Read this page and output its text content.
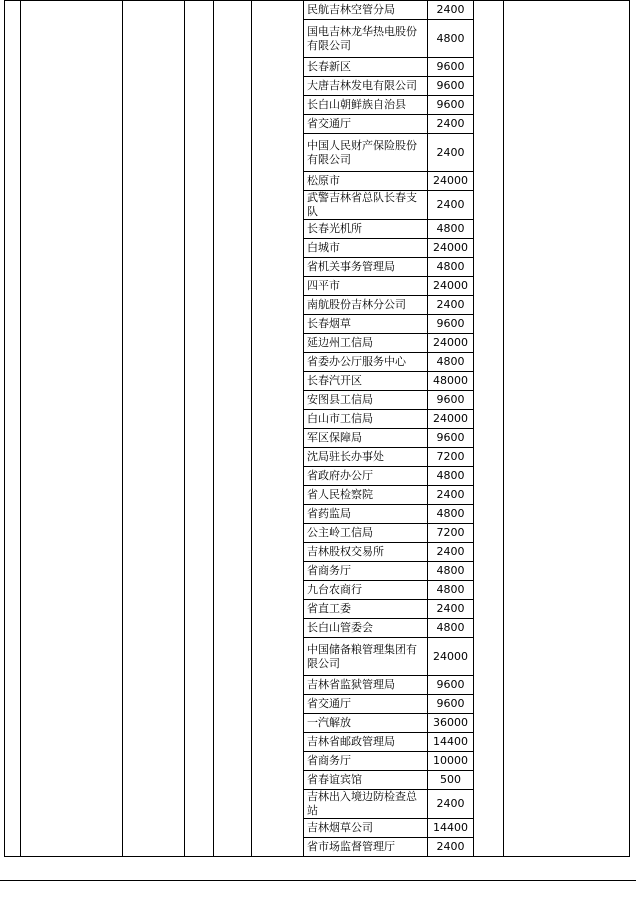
						民航吉林空管分局	2400		
						国电吉林龙华热电股份有限公司	4800		
						长春新区	9600		
						大唐吉林发电有限公司	9600		
						长白山朝鲜族自治县	9600		
						省交通厅	2400		
						中国人民财产保险股份有限公司	2400		
						松原市	24000		
						武警吉林省总队长春支队	2400		
						长春光机所	4800		
						白城市	24000		
						省机关事务管理局	4800		
						四平市	24000		
						南航股份吉林分公司	2400		
						长春烟草	9600		
						延边州工信局	24000		
						省委办公厅服务中心	4800		
						长春汽开区	48000		
						安图县工信局	9600		
						白山市工信局	24000		
						军区保障局	9600		
						沈局驻长办事处	7200		
						省政府办公厅	4800		
						省人民检察院	2400		
						省药监局	4800		
						公主岭工信局	7200		
						吉林股权交易所	2400		
						省商务厅	4800		
						九台农商行	4800		
						省直工委	2400		
						长白山管委会	4800		
						中国储备粮管理集团有限公司	24000		
						吉林省监狱管理局	9600		
						省交通厅	9600		
						一汽解放	36000		
						吉林省邮政管理局	14400		
						省商务厅	10000		
						省春谊宾馆	500		
						吉林出入境边防检查总站	2400		
						吉林烟草公司	14400		
						省市场监督管理厅	2400		
